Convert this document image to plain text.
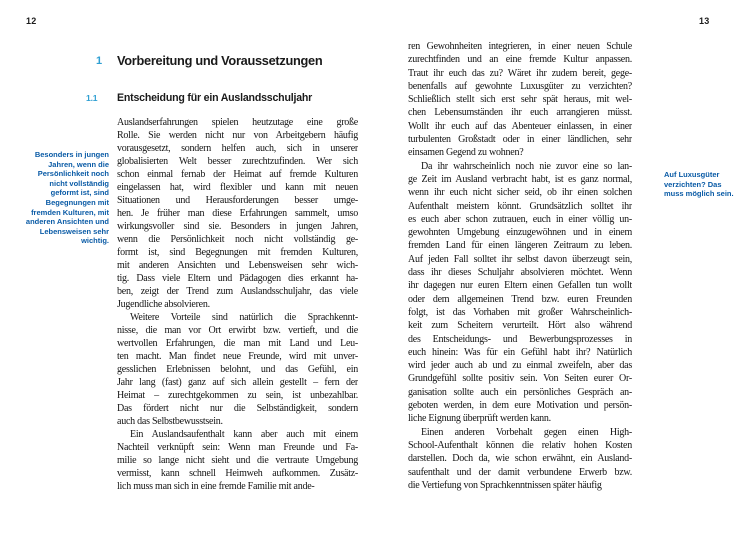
12	13
1 Vorbereitung und Voraussetzungen
1.1 Entscheidung für ein Auslandsschuljahr
Besonders in jungen Jahren, wenn die Persönlichkeit noch nicht vollständig geformt ist, sind Begegnungen mit fremden Kulturen, mit anderen Ansichten und Lebensweisen sehr wichtig.
Auf Luxusgüter verzichten? Das muss möglich sein.
Auslandserfahrungen spielen heutzutage eine große
Rolle. Sie werden nicht nur von Arbeitgebern häufig
vorausgesetzt, sondern helfen auch, sich in unserer
globalisierten Welt besser zurechtzufinden. Wer sich
schon einmal fernab der Heimat auf fremde Kulturen
eingelassen hat, wird flexibler und kann mit neuen
Situationen und Herausforderungen besser umge-
hen. Je früher man diese Erfahrungen sammelt, umso
wirkungsvoller sind sie. Besonders in jungen Jahren,
wenn die Persönlichkeit noch nicht vollständig ge-
formt ist, sind Begegnungen mit fremden Kulturen,
mit anderen Ansichten und Lebensweisen sehr wich-
tig. Dass viele Eltern und Pädagogen dies erkannt ha-
ben, zeigt der Trend zum Auslandsschuljahr, das viele
Jugendliche absolvieren.
Weitere Vorteile sind natürlich die Sprachkennt-
nisse, die man vor Ort erwirbt bzw. vertieft, und die
wertvollen Erfahrungen, die man mit Land und Leu-
ten macht. Man findet neue Freunde, wird mit unver-
gesslichen Erlebnissen belohnt, und das Gefühl, ein
Jahr lang (fast) ganz auf sich allein gestellt – fern der
Heimat – zurechtgekommen zu sein, ist unbezahlbar.
Das fördert nicht nur die Selbständigkeit, sondern
auch das Selbstbewusstsein.
Ein Auslandsaufenthalt kann aber auch mit einem
Nachteil verknüpft sein: Wenn man Freunde und Fa-
milie so lange nicht sieht und die vertraute Umgebung
vermisst, kann schnell Heimweh aufkommen. Zusätz-
lich muss man sich in eine fremde Familie mit ande-
ren Gewohnheiten integrieren, in einer neuen Schule
zurechtfinden und an eine fremde Kultur anpassen.
Traut ihr euch das zu? Wäret ihr zudem bereit, gege-
benenfalls auf gewohnte Luxusgüter zu verzichten?
Schließlich stellt sich erst sehr spät heraus, mit wel-
chen Lebensumständen ihr euch arrangieren müsst.
Wollt ihr euch auf das Abenteuer einlassen, in einer
turbulenten Großstadt oder in einer ländlichen, sehr
einsamen Gegend zu wohnen?
Da ihr wahrscheinlich noch nie zuvor eine so lan-
ge Zeit im Ausland verbracht habt, ist es ganz normal,
wenn ihr euch nicht sicher seid, ob ihr einen solchen
Aufenthalt meistern könnt. Grundsätzlich solltet ihr
es euch aber schon zutrauen, euch in einer völlig un-
gewohnten Umgebung einzugewöhnen und in einem
fremden Land für einen längeren Zeitraum zu leben.
Auf jeden Fall solltet ihr selbst davon überzeugt sein,
dass ihr dieses Schuljahr absolvieren möchtet. Wenn
ihr dagegen nur euren Eltern einen Gefallen tun wollt
oder dem allgemeinen Trend bzw. euren Freunden
folgt, ist das Vorhaben mit großer Wahrscheinlich-
keit zum Scheitern verurteilt. Hört also während
des Entscheidungs- und Bewerbungsprozesses in
euch hinein: Was für ein Gefühl habt ihr? Natürlich
wird jeder auch ab und zu einmal zweifeln, aber das
Grundgefühl sollte positiv sein. Von Seiten eurer Or-
ganisation sollte auch ein persönliches Gespräch an-
geboten werden, in dem eure Motivation und persön-
liche Eignung überprüft werden kann.
Einen anderen Vorbehalt gegen einen High-
School-Aufenthalt können die relativ hohen Kosten
darstellen. Doch da, wie schon erwähnt, ein Ausland-
saufenthalt und der damit verbundene Erwerb bzw.
die Vertiefung von Sprachkenntnissen später häufig
